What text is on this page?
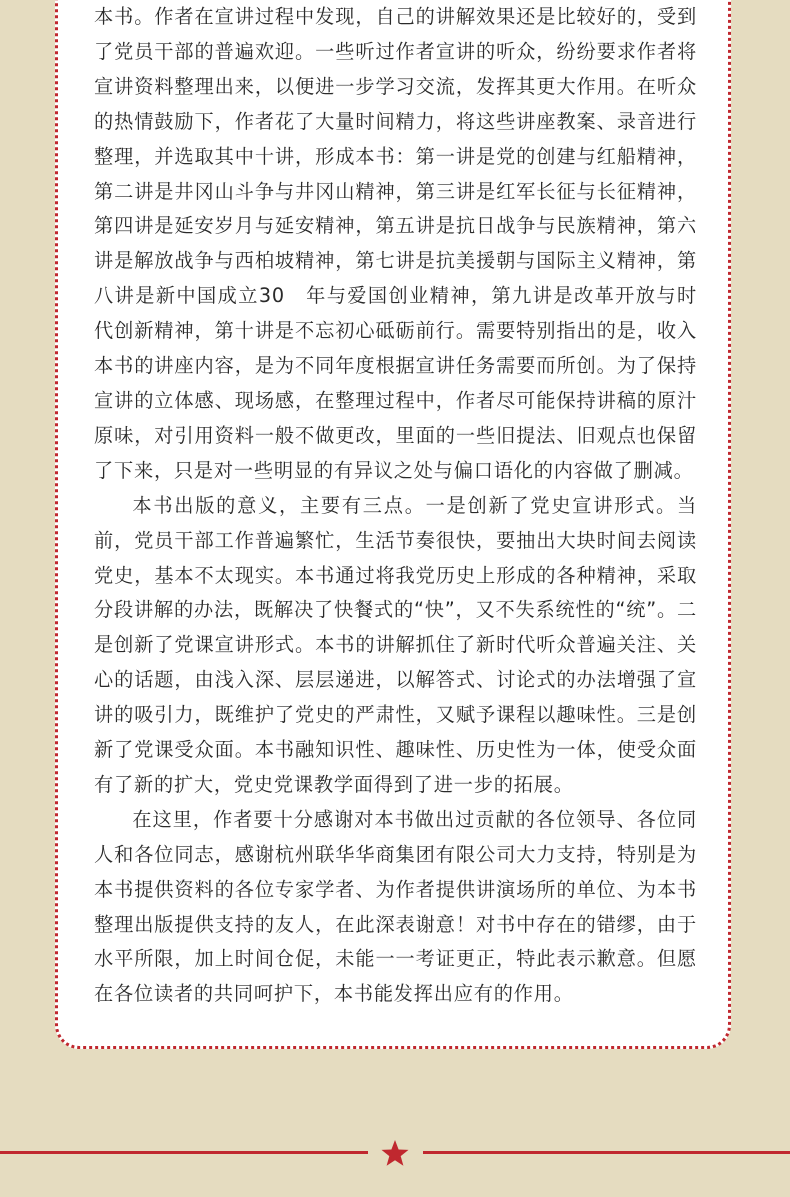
本书。作者在宣讲过程中发现，自己的讲解效果还是比较好的，受到了党员干部的普遍欢迎。一些听过作者宣讲的听众，纷纷要求作者将宣讲资料整理出来，以便进一步学习交流，发挥其更大作用。在听众的热情鼓励下，作者花了大量时间精力，将这些讲座教案、录音进行整理，并选取其中十讲，形成本书：第一讲是党的创建与红船精神，第二讲是井冈山斗争与井冈山精神，第三讲是红军长征与长征精神，第四讲是延安岁月与延安精神，第五讲是抗日战争与民族精神，第六讲是解放战争与西柏坡精神，第七讲是抗美援朝与国际主义精神，第八讲是新中国成立30　年与爱国创业精神，第九讲是改革开放与时代创新精神，第十讲是不忘初心砥砺前行。需要特别指出的是，收入本书的讲座内容，是为不同年度根据宣讲任务需要而所创。为了保持宣讲的立体感、现场感，在整理过程中，作者尽可能保持讲稿的原汁原味，对引用资料一般不做更改，里面的一些旧提法、旧观点也保留了下来，只是对一些明显的有异议之处与偏口语化的内容做了删减。

本书出版的意义，主要有三点。一是创新了党史宣讲形式。当前，党员干部工作普遍繁忙，生活节奏很快，要抽出大块时间去阅读党史，基本不太现实。本书通过将我党历史上形成的各种精神，采取分段讲解的办法，既解决了快餐式的“快”，又不失系统性的“统”。二是创新了党课宣讲形式。本书的讲解抓住了新时代听众普遍关注、关心的话题，由浅入深、层层递进，以解答式、讨论式的办法增强了宣讲的吸引力，既维护了党史的严肃性，又赋予课程以趣味性。三是创新了党课受众面。本书融知识性、趣味性、历史性为一体，使受众面有了新的扩大，党史党课教学面得到了进一步的拓展。

在这里，作者要十分感谢对本书做出过贡献的各位领导、各位同人和各位同志，感谢杭州联华华商集团有限公司大力支持，特别是为本书提供资料的各位专家学者、为作者提供讲演场所的单位、为本书整理出版提供支持的友人，在此深表谢意！对书中存在的错缪，由于水平所限，加上时间仓促，未能一一考证更正，特此表示歉意。但愿在各位读者的共同呵护下，本书能发挥出应有的作用。
